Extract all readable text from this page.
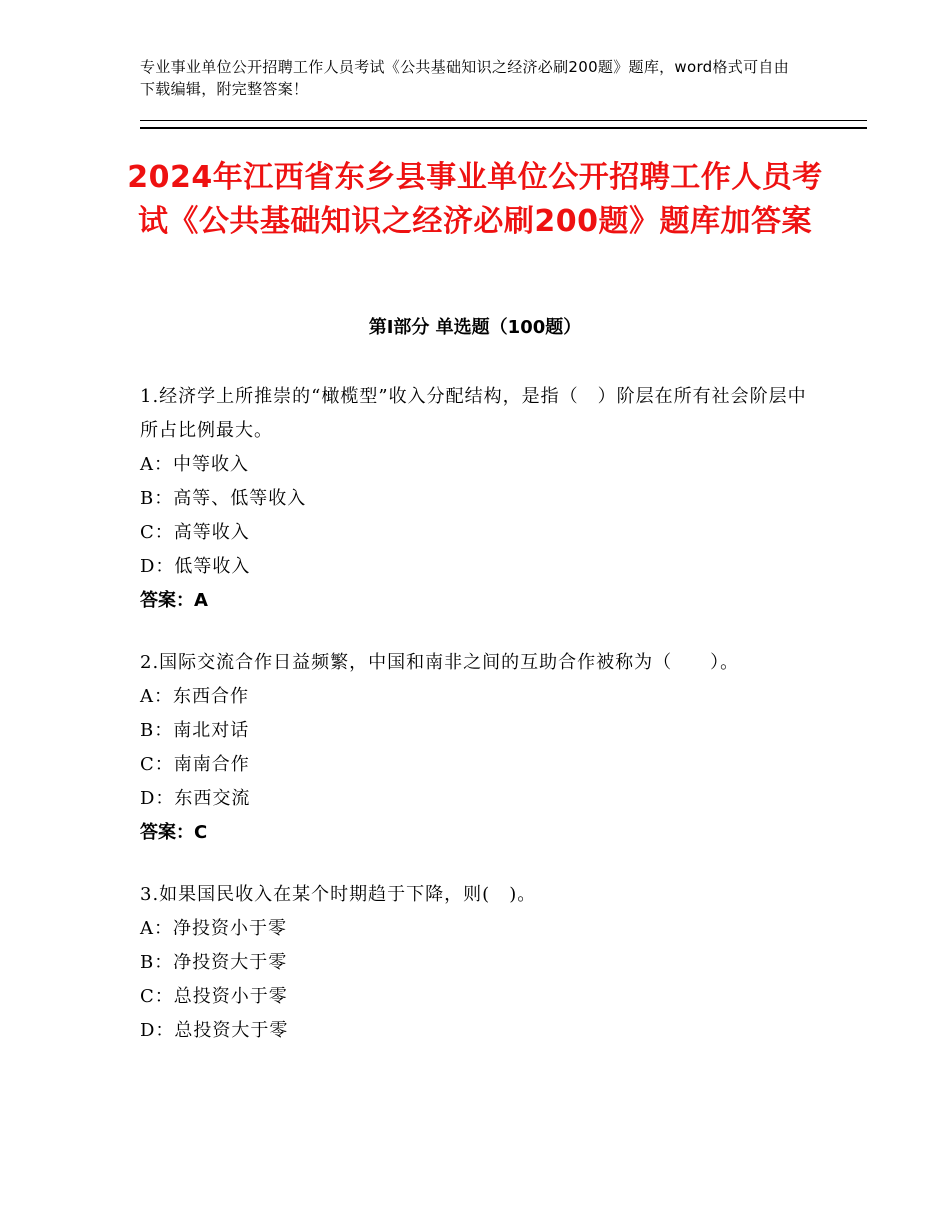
专业事业单位公开招聘工作人员考试《公共基础知识之经济必刷200题》题库，word格式可自由下载编辑，附完整答案！
2024年江西省东乡县事业单位公开招聘工作人员考试《公共基础知识之经济必刷200题》题库加答案
第I部分 单选题（100题）

1.经济学上所推崇的“橄榄型”收入分配结构，是指（　）阶层在所有社会阶层中所占比例最大。

A：中等收入
B：高等、低等收入
C：高等收入
D：低等收入
答案：A

2.国际交流合作日益频繁，中国和南非之间的互助合作被称为（　　）。

A：东西合作
B：南北对话
C：南南合作
D：东西交流
答案：C

3.如果国民收入在某个时期趋于下降，则(　)。

A：净投资小于零
B：净投资大于零
C：总投资小于零
D：总投资大于零
